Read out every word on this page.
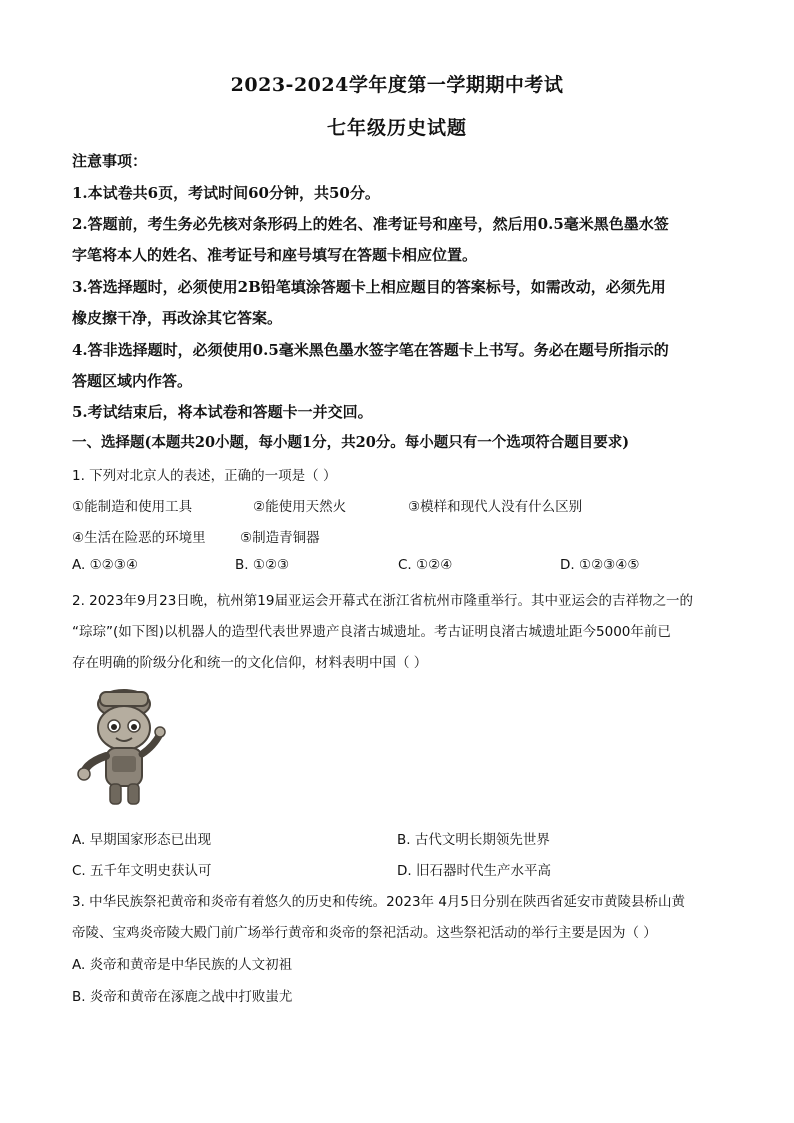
2023-2024学年度第一学期期中考试
七年级历史试题
注意事项：
1.本试卷共6页，考试时间60分钟，共50分。
2.答题前，考生务必先核对条形码上的姓名、准考证号和座号，然后用0.5毫米黑色墨水签
字笔将本人的姓名、准考证号和座号填写在答题卡相应位置。
3.答选择题时，必须使用2B铅笔填涂答题卡上相应题目的答案标号，如需改动，必须先用
橡皮擦干净，再改涂其它答案。
4.答非选择题时，必须使用0.5毫米黑色墨水签字笔在答题卡上书写。务必在题号所指示的
答题区域内作答。
5.考试结束后，将本试卷和答题卡一并交回。
一、选择题(本题共20小题，每小题1分，共20分。每小题只有一个选项符合题目要求)
1. 下列对北京人的表述，正确的一项是（ ）
①能制造和使用工具	②能使用天然火	③模样和现代人没有什么区别
④生活在险恶的环境里	⑤制造青铜器
A. ①②③④	B. ①②③	C. ①②④	D. ①②③④⑤
2. 2023年9月23日晚，杭州第19届亚运会开幕式在浙江省杭州市隆重举行。其中亚运会的吉祥物之一的
“琮琮”(如下图)以机器人的造型代表世界遗产良渚古城遗址。考古证明良渚古城遗址距今5000年前已
存在明确的阶级分化和统一的文化信仰，材料表明中国（ ）
A. 早期国家形态已出现	B. 古代文明长期领先世界
C. 五千年文明史获认可	D. 旧石器时代生产水平高
3. 中华民族祭祀黄帝和炎帝有着悠久的历史和传统。2023年 4月5日分别在陕西省延安市黄陵县桥山黄
帝陵、宝鸡炎帝陵大殿门前广场举行黄帝和炎帝的祭祀活动。这些祭祀活动的举行主要是因为（ ）
A. 炎帝和黄帝是中华民族的人文初祖
B. 炎帝和黄帝在涿鹿之战中打败蚩尤
